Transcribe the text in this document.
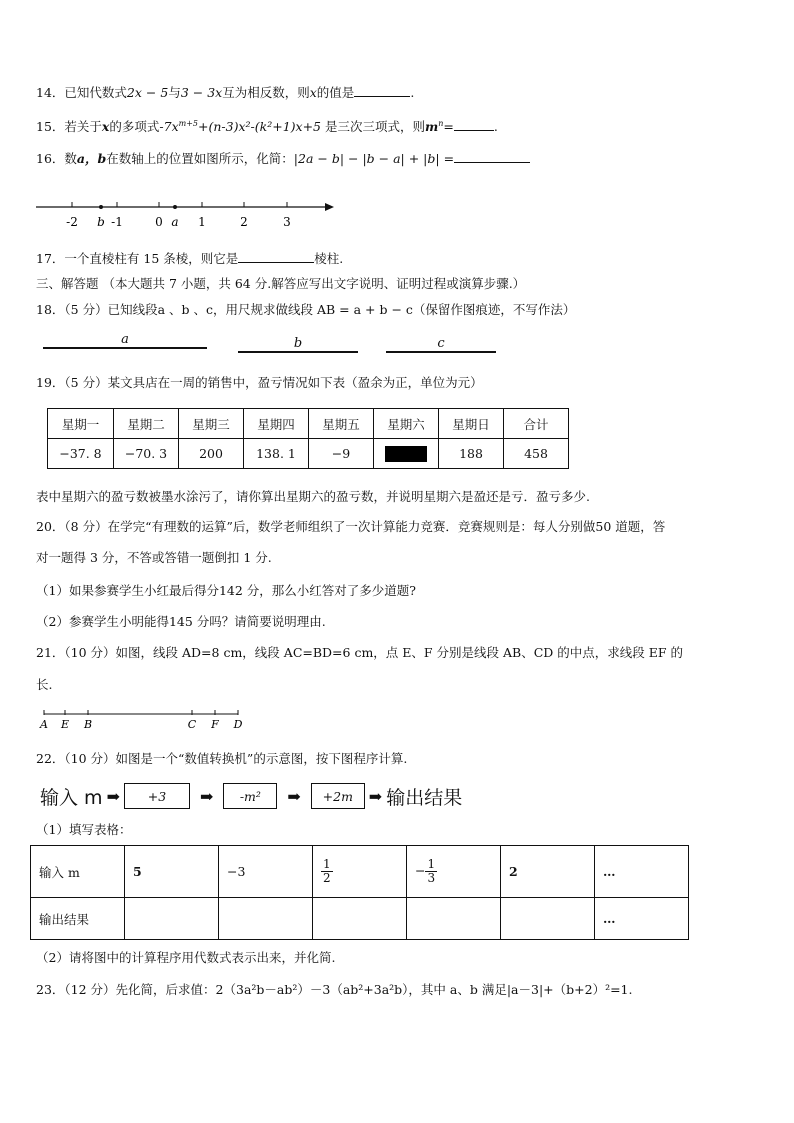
14．已知代数式2x − 5与3 − 3x互为相反数，则x的值是	.
15．若关于x的多项式$-7x^{m+5}+(n-3)x^2-(k^2+1)x+5$ 是三次三项式，则$m^n=$	.
16．数a，b在数轴上的位置如图所示，化简：|2a − b| − |b − a| + |b| =
-2 b -1	0 a 1	2	3
17．一个直棱柱有 15 条棱，则它是	棱柱.
三、解答题 （本大题共 7 小题，共 64 分.解答应写出文字说明、证明过程或演算步骤.）
18．（5 分）已知线段a 、b 、c，用尺规求做线段 AB = a + b − c（保留作图痕迹，不写作法）
a	b	c
19．（5 分）某文具店在一周的销售中，盈亏情况如下表（盈余为正，单位为元）
星期一	星期二	星期三	星期四	星期五	星期六	星期日	合计
−37. 8	−70. 3	200	138. 1	−9		188	458
表中星期六的盈亏数被墨水涂污了，请你算出星期六的盈亏数，并说明星期六是盈还是亏．盈亏多少.
20．（8 分）在学完“有理数的运算”后，数学老师组织了一次计算能力竞赛．竞赛规则是：每人分别做50 道题，答
对一题得 3 分，不答或答错一题倒扣 1 分.
（1）如果参赛学生小红最后得分142 分，那么小红答对了多少道题?
（2）参赛学生小明能得145 分吗？请简要说明理由.
21．（10 分）如图，线段 AD=8 cm，线段 AC=BD=6 cm，点 E、F 分别是线段 AB、CD 的中点，求线段 EF 的
长.
A E B	C F D
22．（10 分）如图是一个“数值转换机”的示意图，按下图程序计算.
输入 m ➡	+3	➡	-m²	➡	+2m ➡ 输出结果
（1）填写表格：
输入 m	5	−3	$\frac{1}{2}$	− $\frac{1}{3}$	2	…
输出结果						…
（2）请将图中的计算程序用代数式表示出来，并化简.
23．（12 分）先化简，后求值：2（3a²b－ab²）－3（ab²+3a²b），其中 a、b 满足|a－3|+（b+2）²=1.
